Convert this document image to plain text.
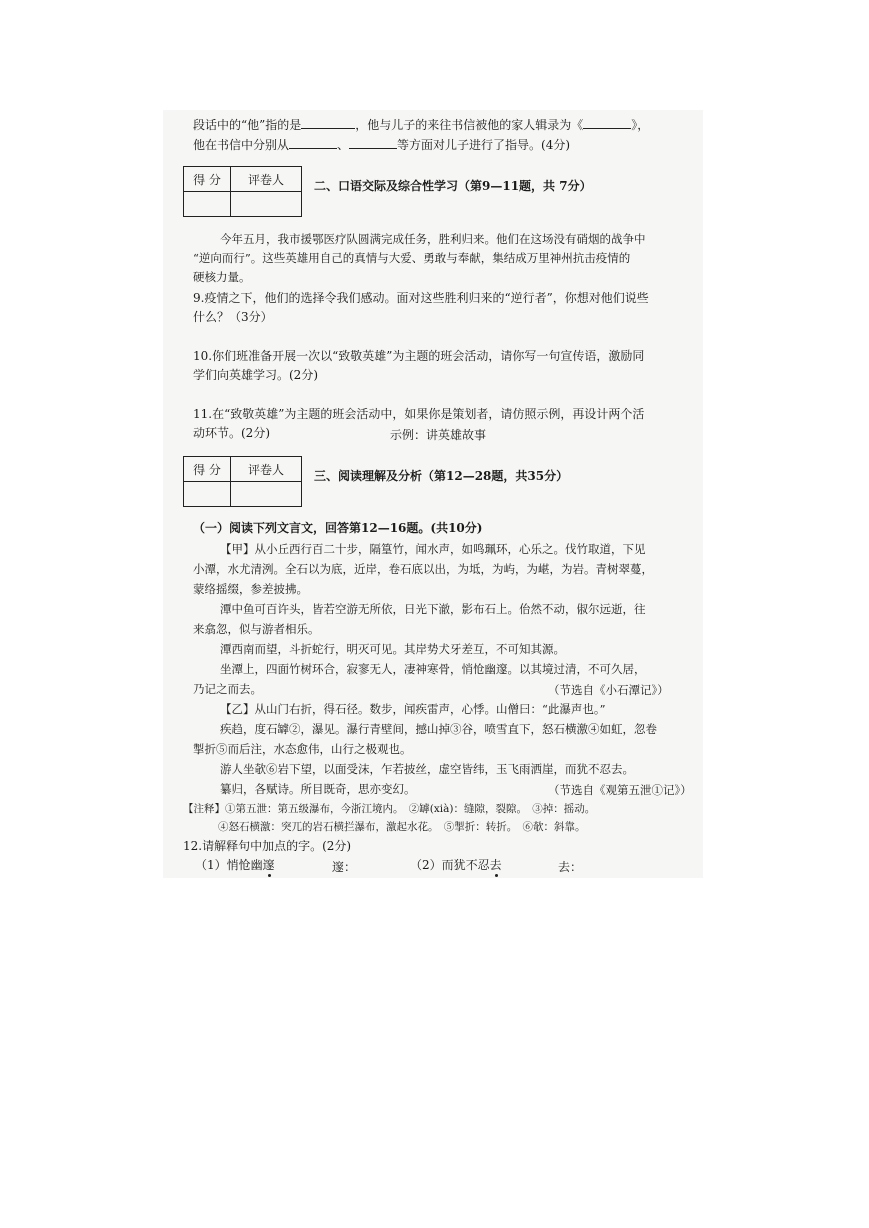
段话中的“他”指的是	，他与儿子的来往书信被他的家人辑录为《	》，
他在书信中分别从	、	等方面对儿子进行了指导。(4分)
得 分	评卷人
		二、口语交际及综合性学习（第9—11题，共 7分）
今年五月，我市援鄂医疗队圆满完成任务，胜利归来。他们在这场没有硝烟的战争中
“逆向而行”。这些英雄用自己的真情与大爱、勇敢与奉献，集结成万里神州抗击疫情的
硬核力量。
9.疫情之下，他们的选择令我们感动。面对这些胜利归来的“逆行者”，你想对他们说些
什么？（3分）
10.你们班准备开展一次以“致敬英雄”为主题的班会活动，请你写一句宣传语，激励同
学们向英雄学习。(2分)
11.在“致敬英雄”为主题的班会活动中，如果你是策划者，请仿照示例，再设计两个活
动环节。(2分)	示例：讲英雄故事
得 分	评卷人
		三、阅读理解及分析（第12—28题，共35分）
（一）阅读下列文言文，回答第12—16题。(共10分)
【甲】从小丘西行百二十步，隔篁竹，闻水声，如鸣珮环，心乐之。伐竹取道，下见
小潭，水尤清洌。全石以为底，近岸，卷石底以出，为坻，为屿，为嵁，为岩。青树翠蔓，
蒙络摇缀，参差披拂。
潭中鱼可百许头，皆若空游无所依，日光下澈，影布石上。佁然不动，俶尔远逝，往
来翕忽，似与游者相乐。
潭西南而望，斗折蛇行，明灭可见。其岸势犬牙差互，不可知其源。
坐潭上，四面竹树环合，寂寥无人，凄神寒骨，悄怆幽邃。以其境过清，不可久居，
乃记之而去。	（节选自《小石潭记》）
【乙】从山门右折，得石径。数步，闻疾雷声，心悸。山僧曰：“此瀑声也。”
疾趋，度石罅②，瀑见。瀑行青壁间，撼山掉③谷，喷雪直下，怒石横激④如虹，忽卷
掣折⑤而后注，水态愈伟，山行之极观也。
游人坐欹⑥岩下望，以面受沫，乍若披丝，虚空皆纬，玉飞雨洒崖，而犹不忍去。
纂归，各赋诗。所目既奇，思亦变幻。	（节选自《观第五泄①记》）
【注释】①第五泄：第五级瀑布，今浙江境内。　②罅(xià)：缝隙，裂隙。　③掉：摇动。
④怒石横激：突兀的岩石横拦瀑布，激起水花。　⑤掣折：转折。　⑥欹：斜靠。
12.请解释句中加点的字。(2分)
（1）悄怆幽邃	邃：	（2）而犹不忍去	去：
